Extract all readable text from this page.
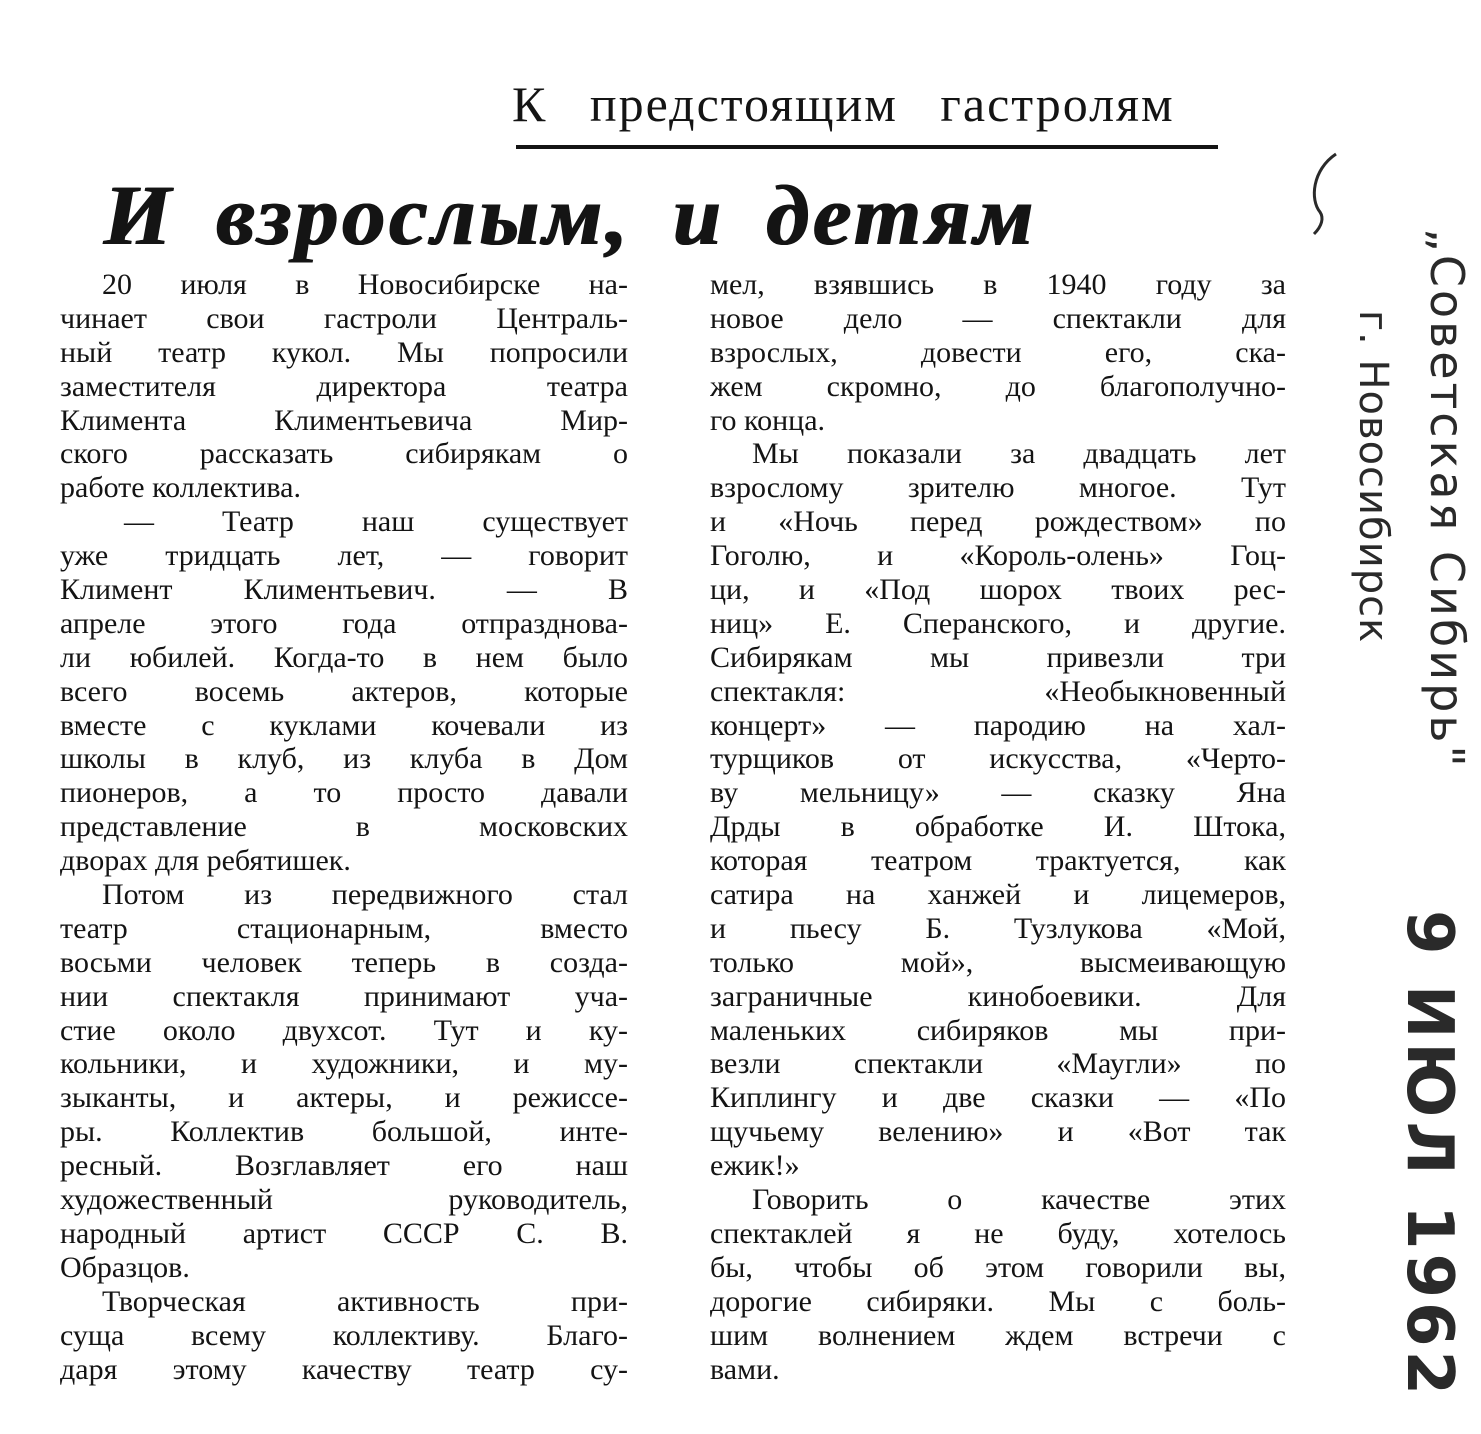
К предстоящим гастролям
И взрослым, и детям
20 июля в Новосибирске на-
чинает свои гастроли Централь-
ный театр кукол. Мы попросили
заместителя директора театра
Климента Климентьевича Мир-
ского рассказать сибирякам о
работе коллектива.
— Театр наш существует
уже тридцать лет, — говорит
Климент Климентьевич. — В
апреле этого года отпразднова-
ли юбилей. Когда-то в нем было
всего восемь актеров, которые
вместе с куклами кочевали из
школы в клуб, из клуба в Дом
пионеров, а то просто давали
представление в московских
дворах для ребятишек.
Потом из передвижного стал
театр стационарным, вместо
восьми человек теперь в созда-
нии спектакля принимают уча-
стие около двухсот. Тут и ку-
кольники, и художники, и му-
зыканты, и актеры, и режиссе-
ры. Коллектив большой, инте-
ресный. Возглавляет его наш
художественный руководитель,
народный артист СССР С. В.
Образцов.
Творческая активность при-
суща всему коллективу. Благо-
даря этому качеству театр су-
мел, взявшись в 1940 году за
новое дело — спектакли для
взрослых, довести его, ска-
жем скромно, до благополучно-
го конца.
Мы показали за двадцать лет
взрослому зрителю многое. Тут
и «Ночь перед рождеством» по
Гоголю, и «Король-олень» Гоц-
ци, и «Под шорох твоих рес-
ниц» Е. Сперанского, и другие.
Сибирякам мы привезли три
спектакля: «Необыкновенный
концерт» — пародию на хал-
турщиков от искусства, «Черто-
ву мельницу» — сказку Яна
Дрды в обработке И. Штока,
которая театром трактуется, как
сатира на ханжей и лицемеров,
и пьесу Б. Тузлукова «Мой,
только мой», высмеивающую
заграничные кинобоевики. Для
маленьких сибиряков мы при-
везли спектакли «Маугли» по
Киплингу и две сказки — «По
щучьему велению» и «Вот так
ежик!»
Говорить о качестве этих
спектаклей я не буду, хотелось
бы, чтобы об этом говорили вы,
дорогие сибиряки. Мы с боль-
шим волнением ждем встречи с
вами.
„Советская Сибирь"
г. Новосибирск
9 ИЮЛ 1962
